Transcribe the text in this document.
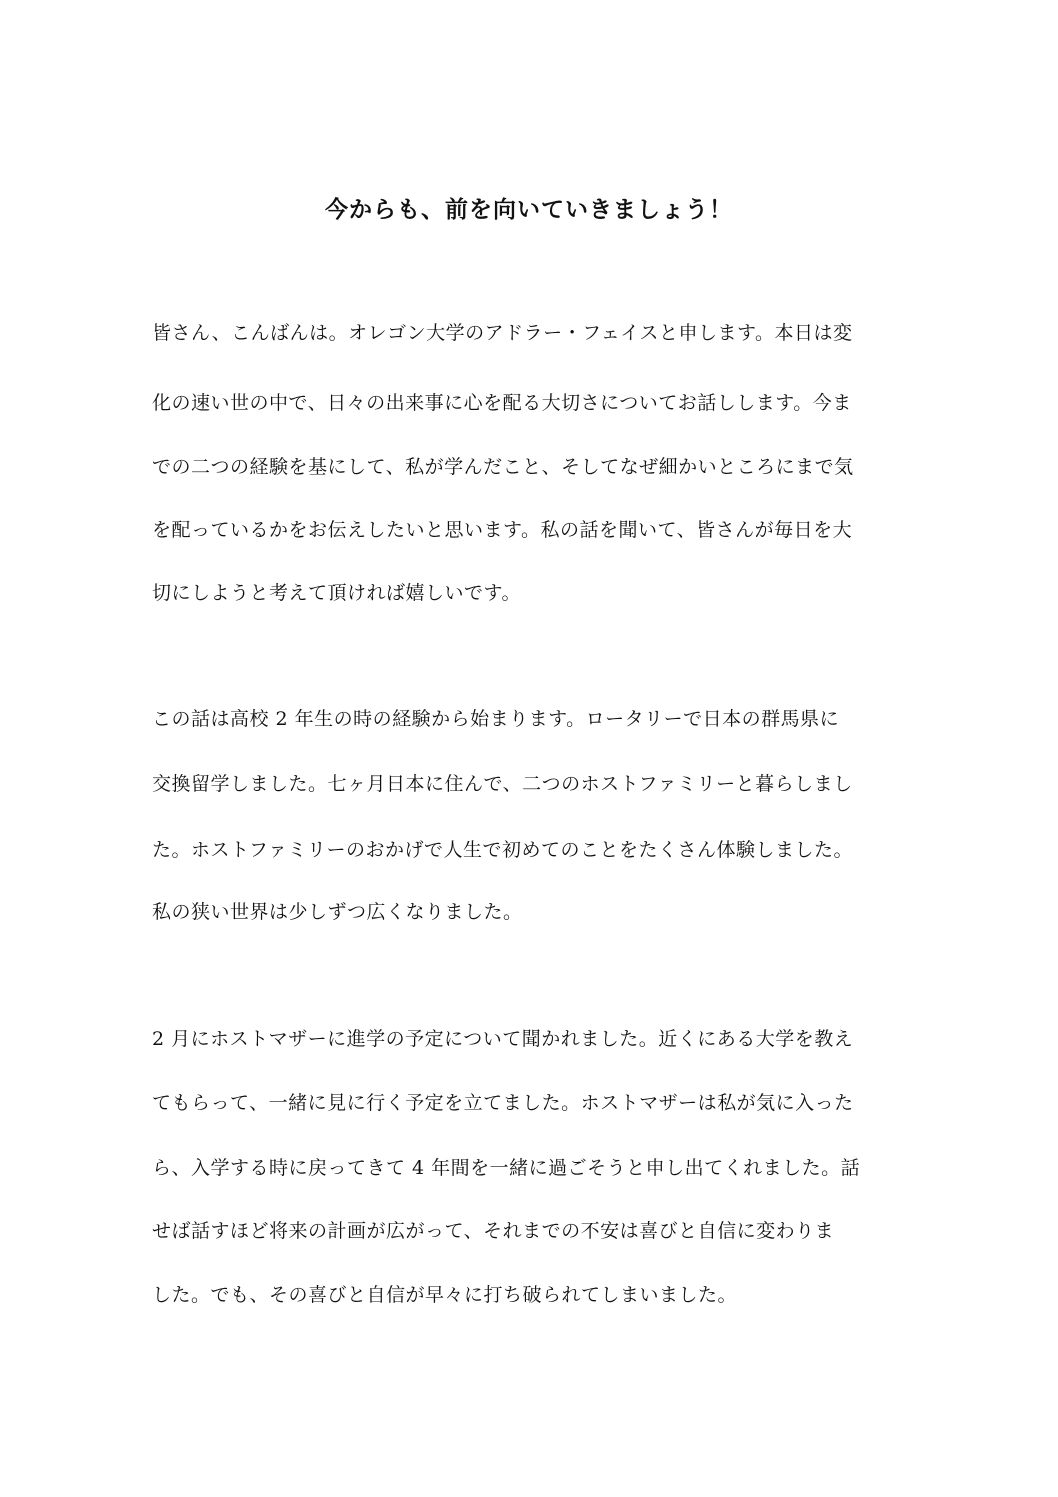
今からも、前を向いていきましょう！

皆さん、こんばんは。オレゴン大学のアドラー・フェイスと申します。本日は変

化の速い世の中で、日々の出来事に心を配る大切さについてお話しします。今ま

での二つの経験を基にして、私が学んだこと、そしてなぜ細かいところにまで気

を配っているかをお伝えしたいと思います。私の話を聞いて、皆さんが毎日を大

切にしようと考えて頂ければ嬉しいです。

この話は高校 2 年生の時の経験から始まります。ロータリーで日本の群馬県に

交換留学しました。七ヶ月日本に住んで、二つのホストファミリーと暮らしまし

た。ホストファミリーのおかげで人生で初めてのことをたくさん体験しました。

私の狭い世界は少しずつ広くなりました。

2 月にホストマザーに進学の予定について聞かれました。近くにある大学を教え

てもらって、一緒に見に行く予定を立てました。ホストマザーは私が気に入った

ら、入学する時に戻ってきて 4 年間を一緒に過ごそうと申し出てくれました。話

せば話すほど将来の計画が広がって、それまでの不安は喜びと自信に変わりま

した。でも、その喜びと自信が早々に打ち破られてしまいました。
